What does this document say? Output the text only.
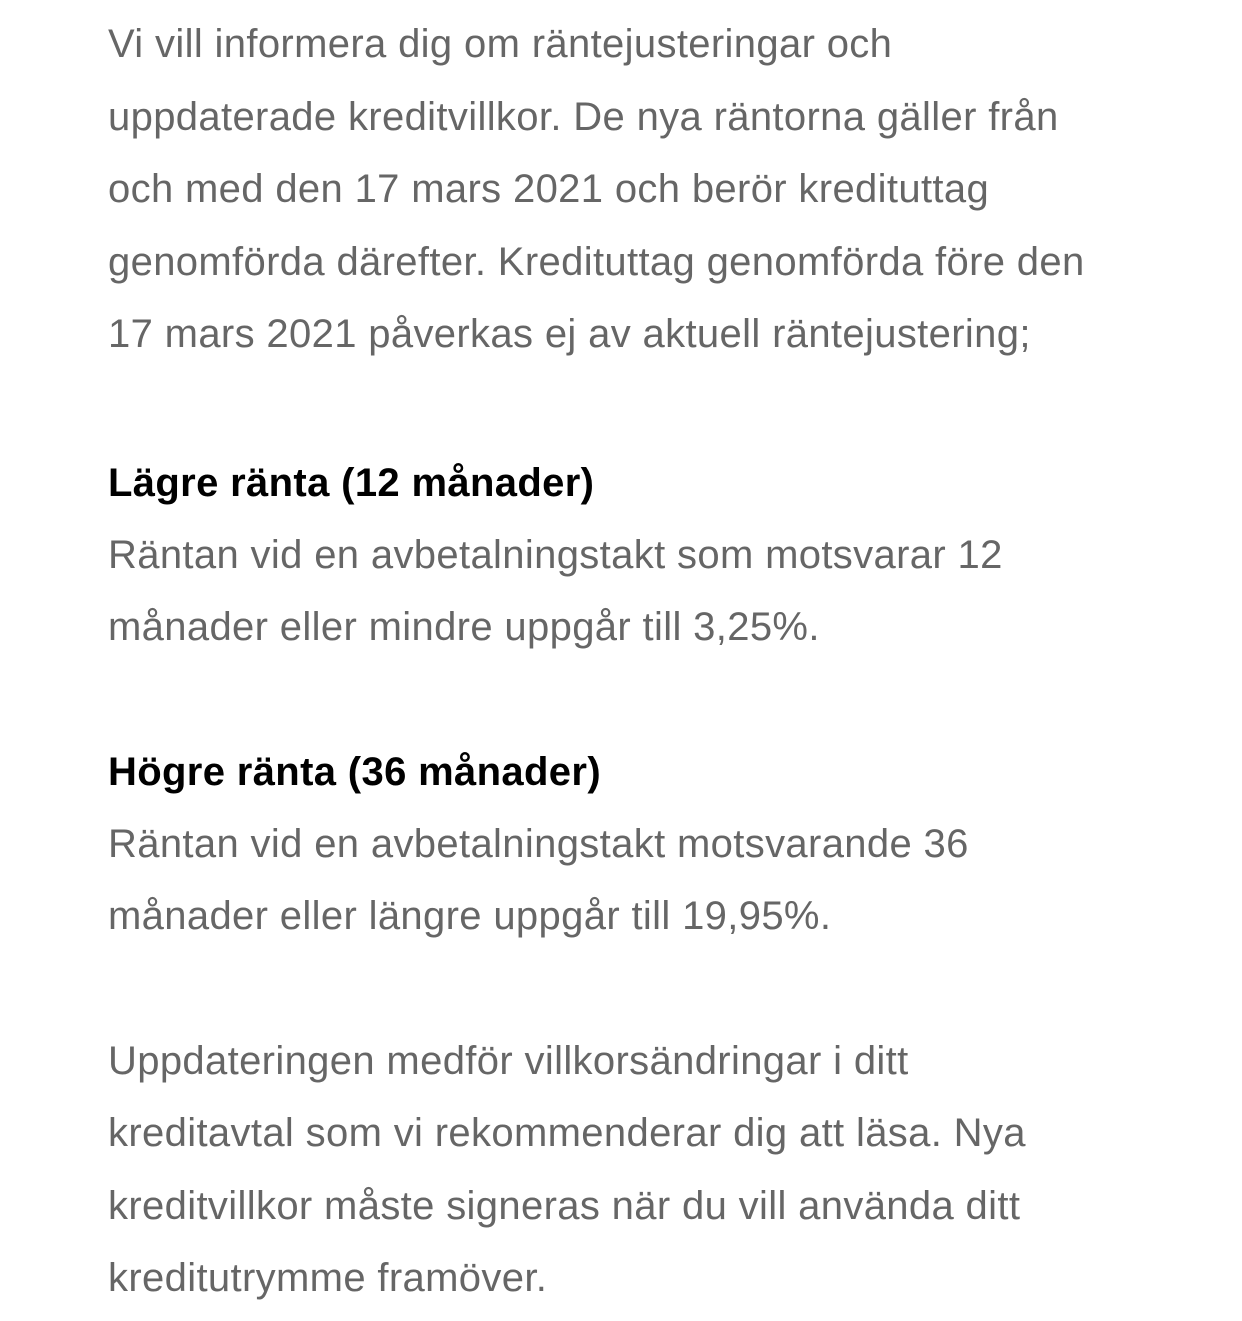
Vi vill informera dig om räntejusteringar och
uppdaterade kreditvillkor. De nya räntorna gäller från
och med den 17 mars 2021 och berör kredituttag
genomförda därefter. Kredituttag genomförda före den
17 mars 2021 påverkas ej av aktuell räntejustering;

Lägre ränta (12 månader)

Räntan vid en avbetalningstakt som motsvarar 12
månader eller mindre uppgår till 3,25%.

Högre ränta (36 månader)

Räntan vid en avbetalningstakt motsvarande 36
månader eller längre uppgår till 19,95%.

Uppdateringen medför villkorsändringar i ditt
kreditavtal som vi rekommenderar dig att läsa. Nya
kreditvillkor måste signeras när du vill använda ditt
kreditutrymme framöver.
